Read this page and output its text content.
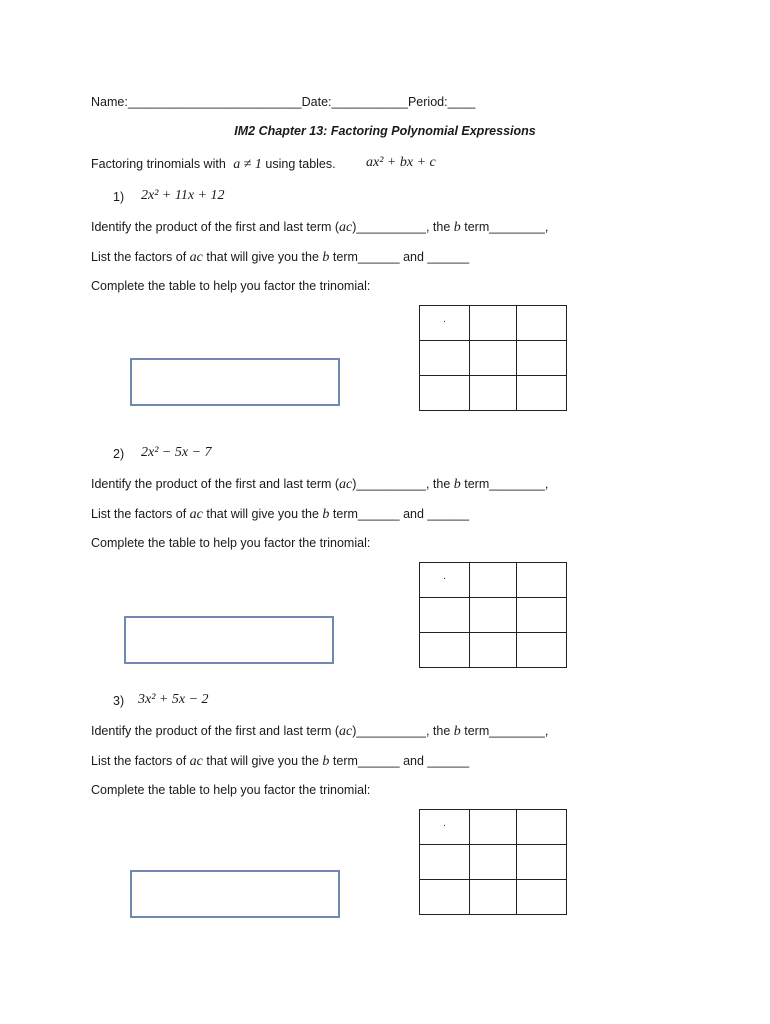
Name:_________________________Date:___________Period:____
IM2 Chapter 13: Factoring Polynomial Expressions
Factoring trinomials with a ≠ 1 using tables. ax² + bx + c
1) 2x² + 11x + 12
Identify the product of the first and last term (ac)__________, the b term________,
List the factors of ac that will give you the b term______ and ______
Complete the table to help you factor the trinomial:
.		

2) 2x² − 5x − 7
Identify the product of the first and last term (ac)__________, the b term________,
List the factors of ac that will give you the b term______ and ______
Complete the table to help you factor the trinomial:
.		

3) 3x² + 5x − 2
Identify the product of the first and last term (ac)__________, the b term________,
List the factors of ac that will give you the b term______ and ______
Complete the table to help you factor the trinomial:
.		
